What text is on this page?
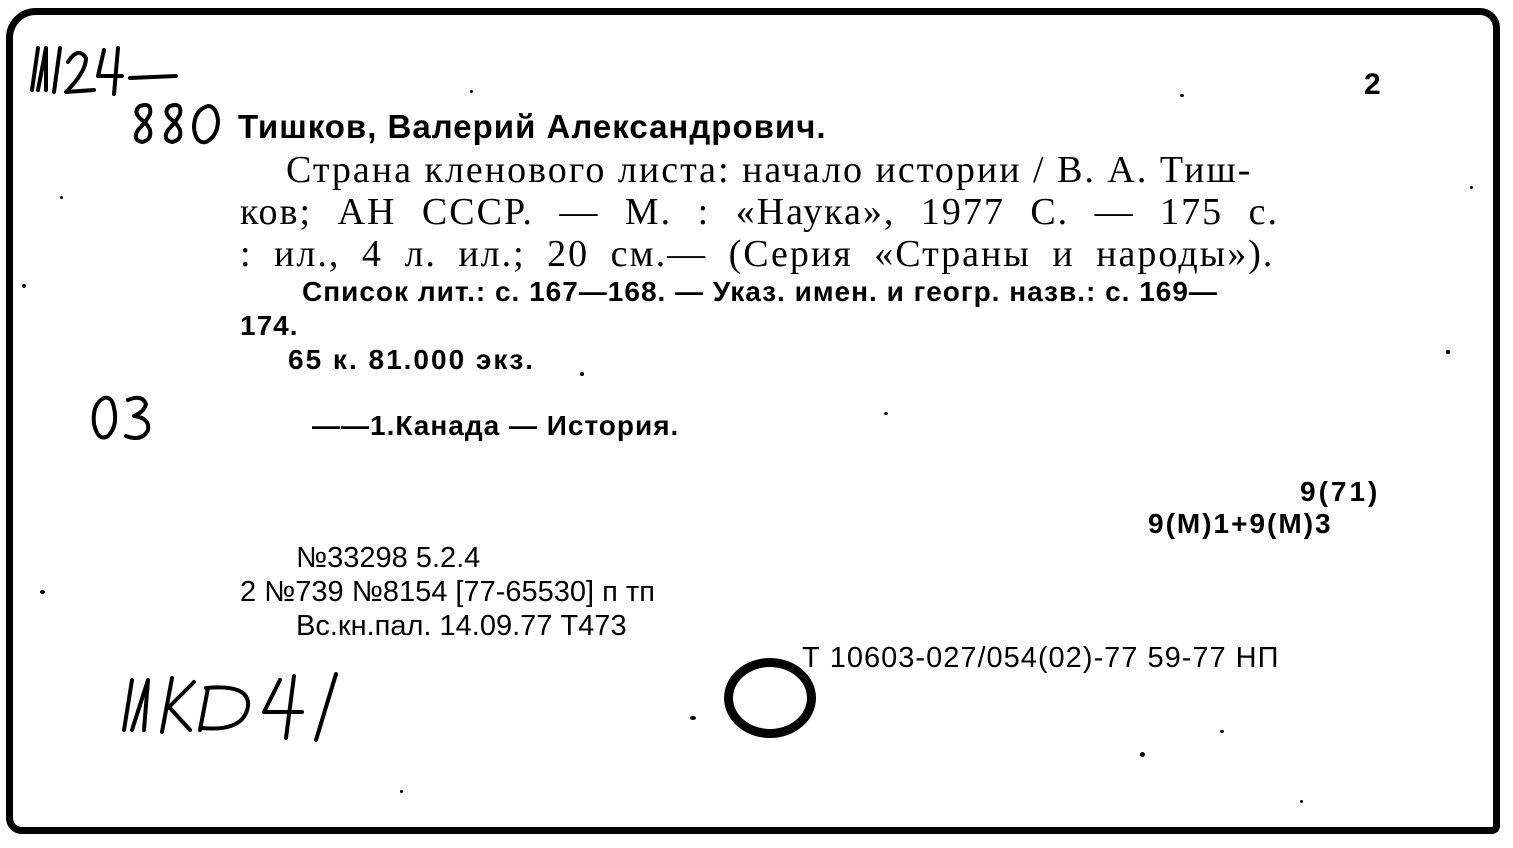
2
Тишков, Валерий Александрович.
Страна кленового листа: начало истории / В. А. Тиш-
ков; АН СССР. — М. : «Наука», 1977 С. — 175 с.
: ил., 4 л. ил.; 20 см.— (Серия «Страны и народы»).
Список лит.: с. 167—168. — Указ. имен. и геогр. назв.: с. 169—
174.
65 к. 81.000 экз.
——1.Канада — История.
9(71)
9(М)1+9(М)3
№33298 5.2.4
2 №739 №8154 [77-65530] п тп
Вс.кн.пал. 14.09.77 Т473
Т 10603-027/054(02)-77 59-77 НП
